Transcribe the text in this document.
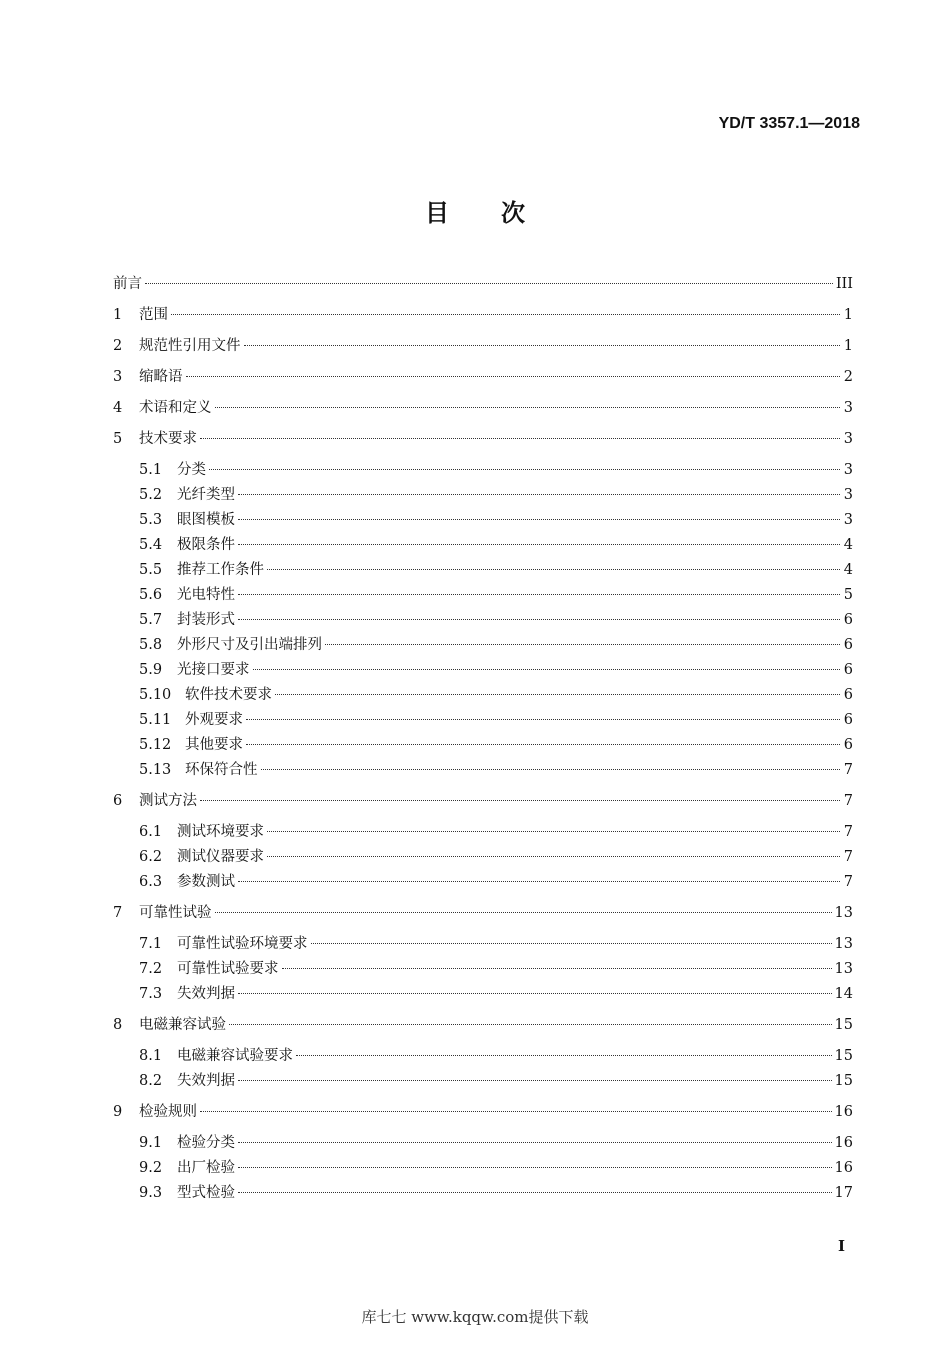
YD/T 3357.1—2018
目 次
前言	III
1	范围	1
2	规范性引用文件	1
3	缩略语	2
4	术语和定义	3
5	技术要求	3
5.1	分类	3
5.2	光纤类型	3
5.3	眼图模板	3
5.4	极限条件	4
5.5	推荐工作条件	4
5.6	光电特性	5
5.7	封装形式	6
5.8	外形尺寸及引出端排列	6
5.9	光接口要求	6
5.10 软件技术要求	6
5.11 外观要求	6
5.12 其他要求	6
5.13 环保符合性	7
6	测试方法	7
6.1	测试环境要求	7
6.2	测试仪器要求	7
6.3	参数测试	7
7	可靠性试验	13
7.1	可靠性试验环境要求	13
7.2	可靠性试验要求	13
7.3	失效判据	14
8	电磁兼容试验	15
8.1	电磁兼容试验要求	15
8.2	失效判据	15
9	检验规则	16
9.1	检验分类	16
9.2	出厂检验	16
9.3	型式检验	17
I
库七七 www.kqqw.com提供下载
